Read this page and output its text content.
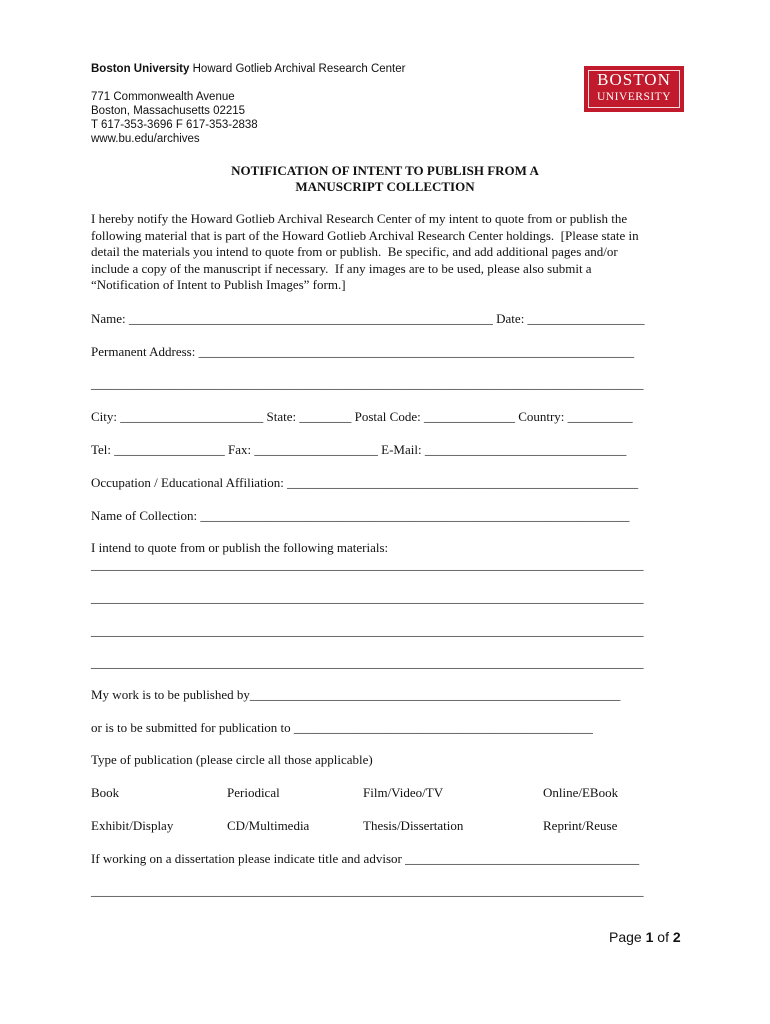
Boston University Howard Gotlieb Archival Research Center
771 Commonwealth Avenue
Boston, Massachusetts 02215
T 617-353-3696 F 617-353-2838
www.bu.edu/archives
BOSTON
UNIVERSITY
NOTIFICATION OF INTENT TO PUBLISH FROM A
MANUSCRIPT COLLECTION
I hereby notify the Howard Gotlieb Archival Research Center of my intent to quote from or publish the
following material that is part of the Howard Gotlieb Archival Research Center holdings.  [Please state in
detail the materials you intend to quote from or publish.  Be specific, and add additional pages and/or
include a copy of the manuscript if necessary.  If any images are to be used, please also submit a
“Notification of Intent to Publish Images” form.]
Name: ________________________________________________________ Date: __________________
Permanent Address: ___________________________________________________________________
_____________________________________________________________________________________
City: ______________________ State: ________ Postal Code: ______________ Country: __________
Tel: _________________ Fax: ___________________ E-Mail: _______________________________
Occupation / Educational Affiliation: ______________________________________________________
Name of Collection: __________________________________________________________________
I intend to quote from or publish the following materials:
_____________________________________________________________________________________
_____________________________________________________________________________________
_____________________________________________________________________________________
_____________________________________________________________________________________
My work is to be published by_________________________________________________________
or is to be submitted for publication to ______________________________________________
Type of publication (please circle all those applicable)
Book	Periodical	Film/Video/TV	Online/EBook
Exhibit/Display	CD/Multimedia	Thesis/Dissertation	Reprint/Reuse
If working on a dissertation please indicate title and advisor ____________________________________
_____________________________________________________________________________________
Page 1 of 2
